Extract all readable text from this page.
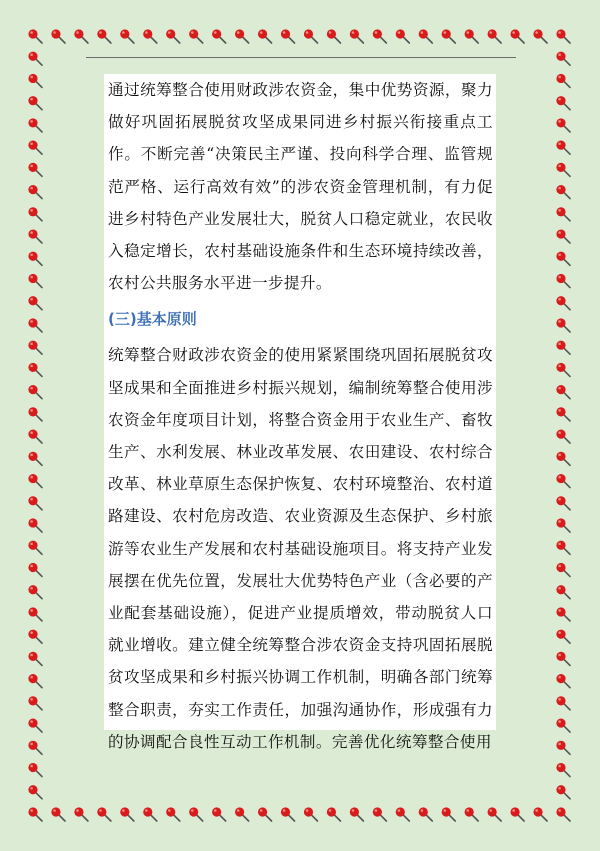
通过统筹整合使用财政涉农资金，集中优势资源，聚力做好巩固拓展脱贫攻坚成果同进乡村振兴衔接重点工作。不断完善“决策民主严谨、投向科学合理、监管规范严格、运行高效有效”的涉农资金管理机制，有力促进乡村特色产业发展壮大，脱贫人口稳定就业，农民收入稳定增长，农村基础设施条件和生态环境持续改善，农村公共服务水平进一步提升。

(三)基本原则

统筹整合财政涉农资金的使用紧紧围绕巩固拓展脱贫攻坚成果和全面推进乡村振兴规划，编制统筹整合使用涉农资金年度项目计划，将整合资金用于农业生产、畜牧生产、水利发展、林业改革发展、农田建设、农村综合改革、林业草原生态保护恢复、农村环境整治、农村道路建设、农村危房改造、农业资源及生态保护、乡村旅游等农业生产发展和农村基础设施项目。将支持产业发展摆在优先位置，发展壮大优势特色产业（含必要的产业配套基础设施），促进产业提质增效，带动脱贫人口就业增收。建立健全统筹整合涉农资金支持巩固拓展脱贫攻坚成果和乡村振兴协调工作机制，明确各部门统筹整合职责，夯实工作责任，加强沟通协作，形成强有力的协调配合良性互动工作机制。完善优化统筹整合使用
